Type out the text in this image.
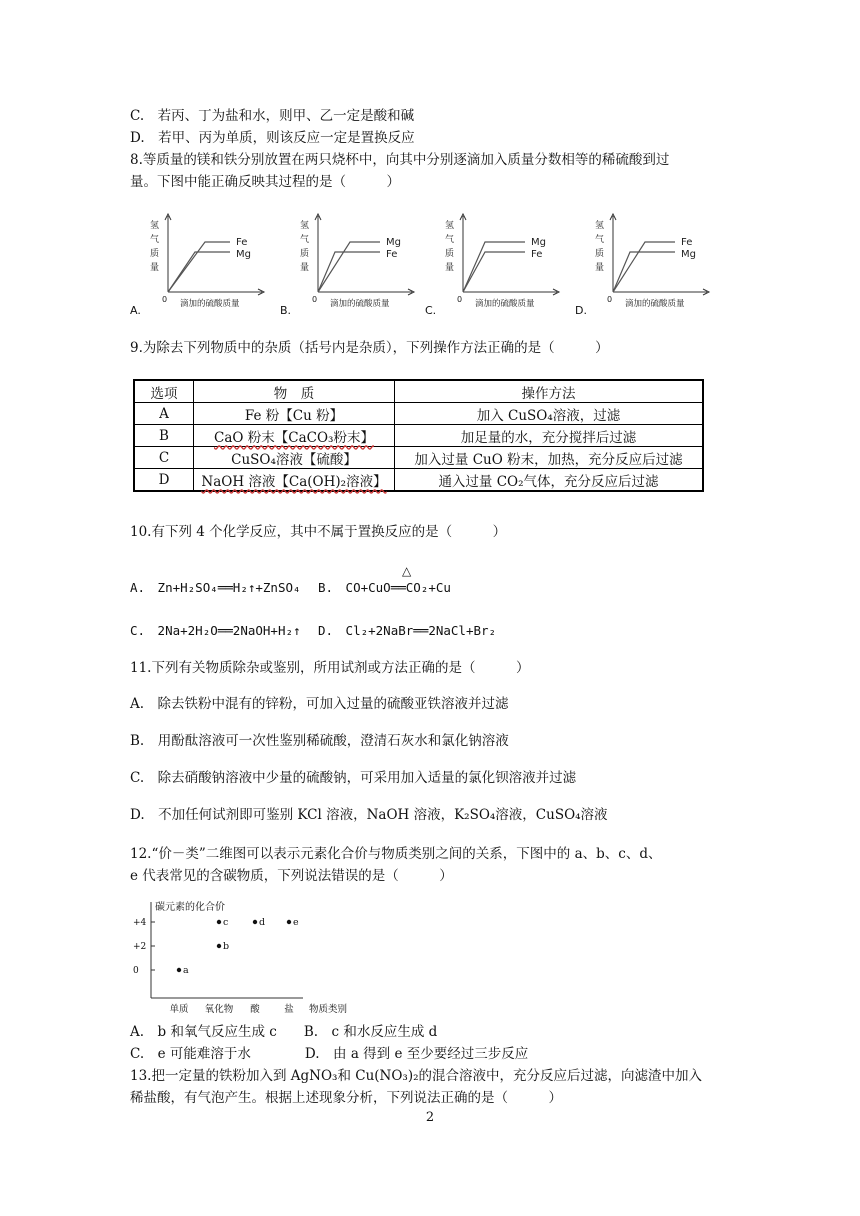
C.　若丙、丁为盐和水，则甲、乙一定是酸和碱
D.　若甲、丙为单质，则该反应一定是置换反应
8.等质量的镁和铁分别放置在两只烧杯中，向其中分别逐滴加入质量分数相等的稀硫酸到过
量。下图中能正确反映其过程的是（　　　）
A.
氢
气
质
量
0 滴加的硫酸质量
Fe
Mg
B.
氢
气
质
量
0 滴加的硫酸质量
Mg
Fe
C.
氢
气
质
量
0 滴加的硫酸质量
Mg
Fe
D.
氢
气
质
量
0 滴加的硫酸质量
Fe
Mg
9.为除去下列物质中的杂质（括号内是杂质），下列操作方法正确的是（　　　）
选项	物　质	操作方法
A	Fe 粉【Cu 粉】	加入 CuSO₄溶液，过滤
B	CaO 粉末【CaCO₃粉末】	加足量的水，充分搅拌后过滤
C	CuSO₄溶液【硫酸】	加入过量 CuO 粉末，加热，充分反应后过滤
D	NaOH 溶液【Ca(OH)₂溶液】	通入过量 CO₂气体，充分反应后过滤
10.有下列 4 个化学反应，其中不属于置换反应的是（　　　）
A.　Zn+H₂SO₄══H₂↑+ZnSO₄ B.　CO+CuO══CO₂+Cu
△
C.　2Na+2H₂O══2NaOH+H₂↑ D.　Cl₂+2NaBr══2NaCl+Br₂
11.下列有关物质除杂或鉴别，所用试剂或方法正确的是（　　　）
A.　除去铁粉中混有的锌粉，可加入过量的硫酸亚铁溶液并过滤
B.　用酚酞溶液可一次性鉴别稀硫酸，澄清石灰水和氯化钠溶液
C.　除去硝酸钠溶液中少量的硫酸钠，可采用加入适量的氯化钡溶液并过滤
D.　不加任何试剂即可鉴别 KCl 溶液，NaOH 溶液，K₂SO₄溶液，CuSO₄溶液
12.“价－类”二维图可以表示元素化合价与物质类别之间的关系，下图中的 a、b、c、d、
e 代表常见的含碳物质，下列说法错误的是（　　　）
碳元素的化合价
+4
+2
0
单质 氧化物 酸	盐 物质类别
a
b
c	d	e
A.　b 和氧气反应生成 c　　B.　c 和水反应生成 d
C.　e 可能难溶于水　　　　D.　由 a 得到 e 至少要经过三步反应
13.把一定量的铁粉加入到 AgNO₃和 Cu(NO₃)₂的混合溶液中，充分反应后过滤，向滤渣中加入
稀盐酸，有气泡产生。根据上述现象分析，下列说法正确的是（　　　）
2
